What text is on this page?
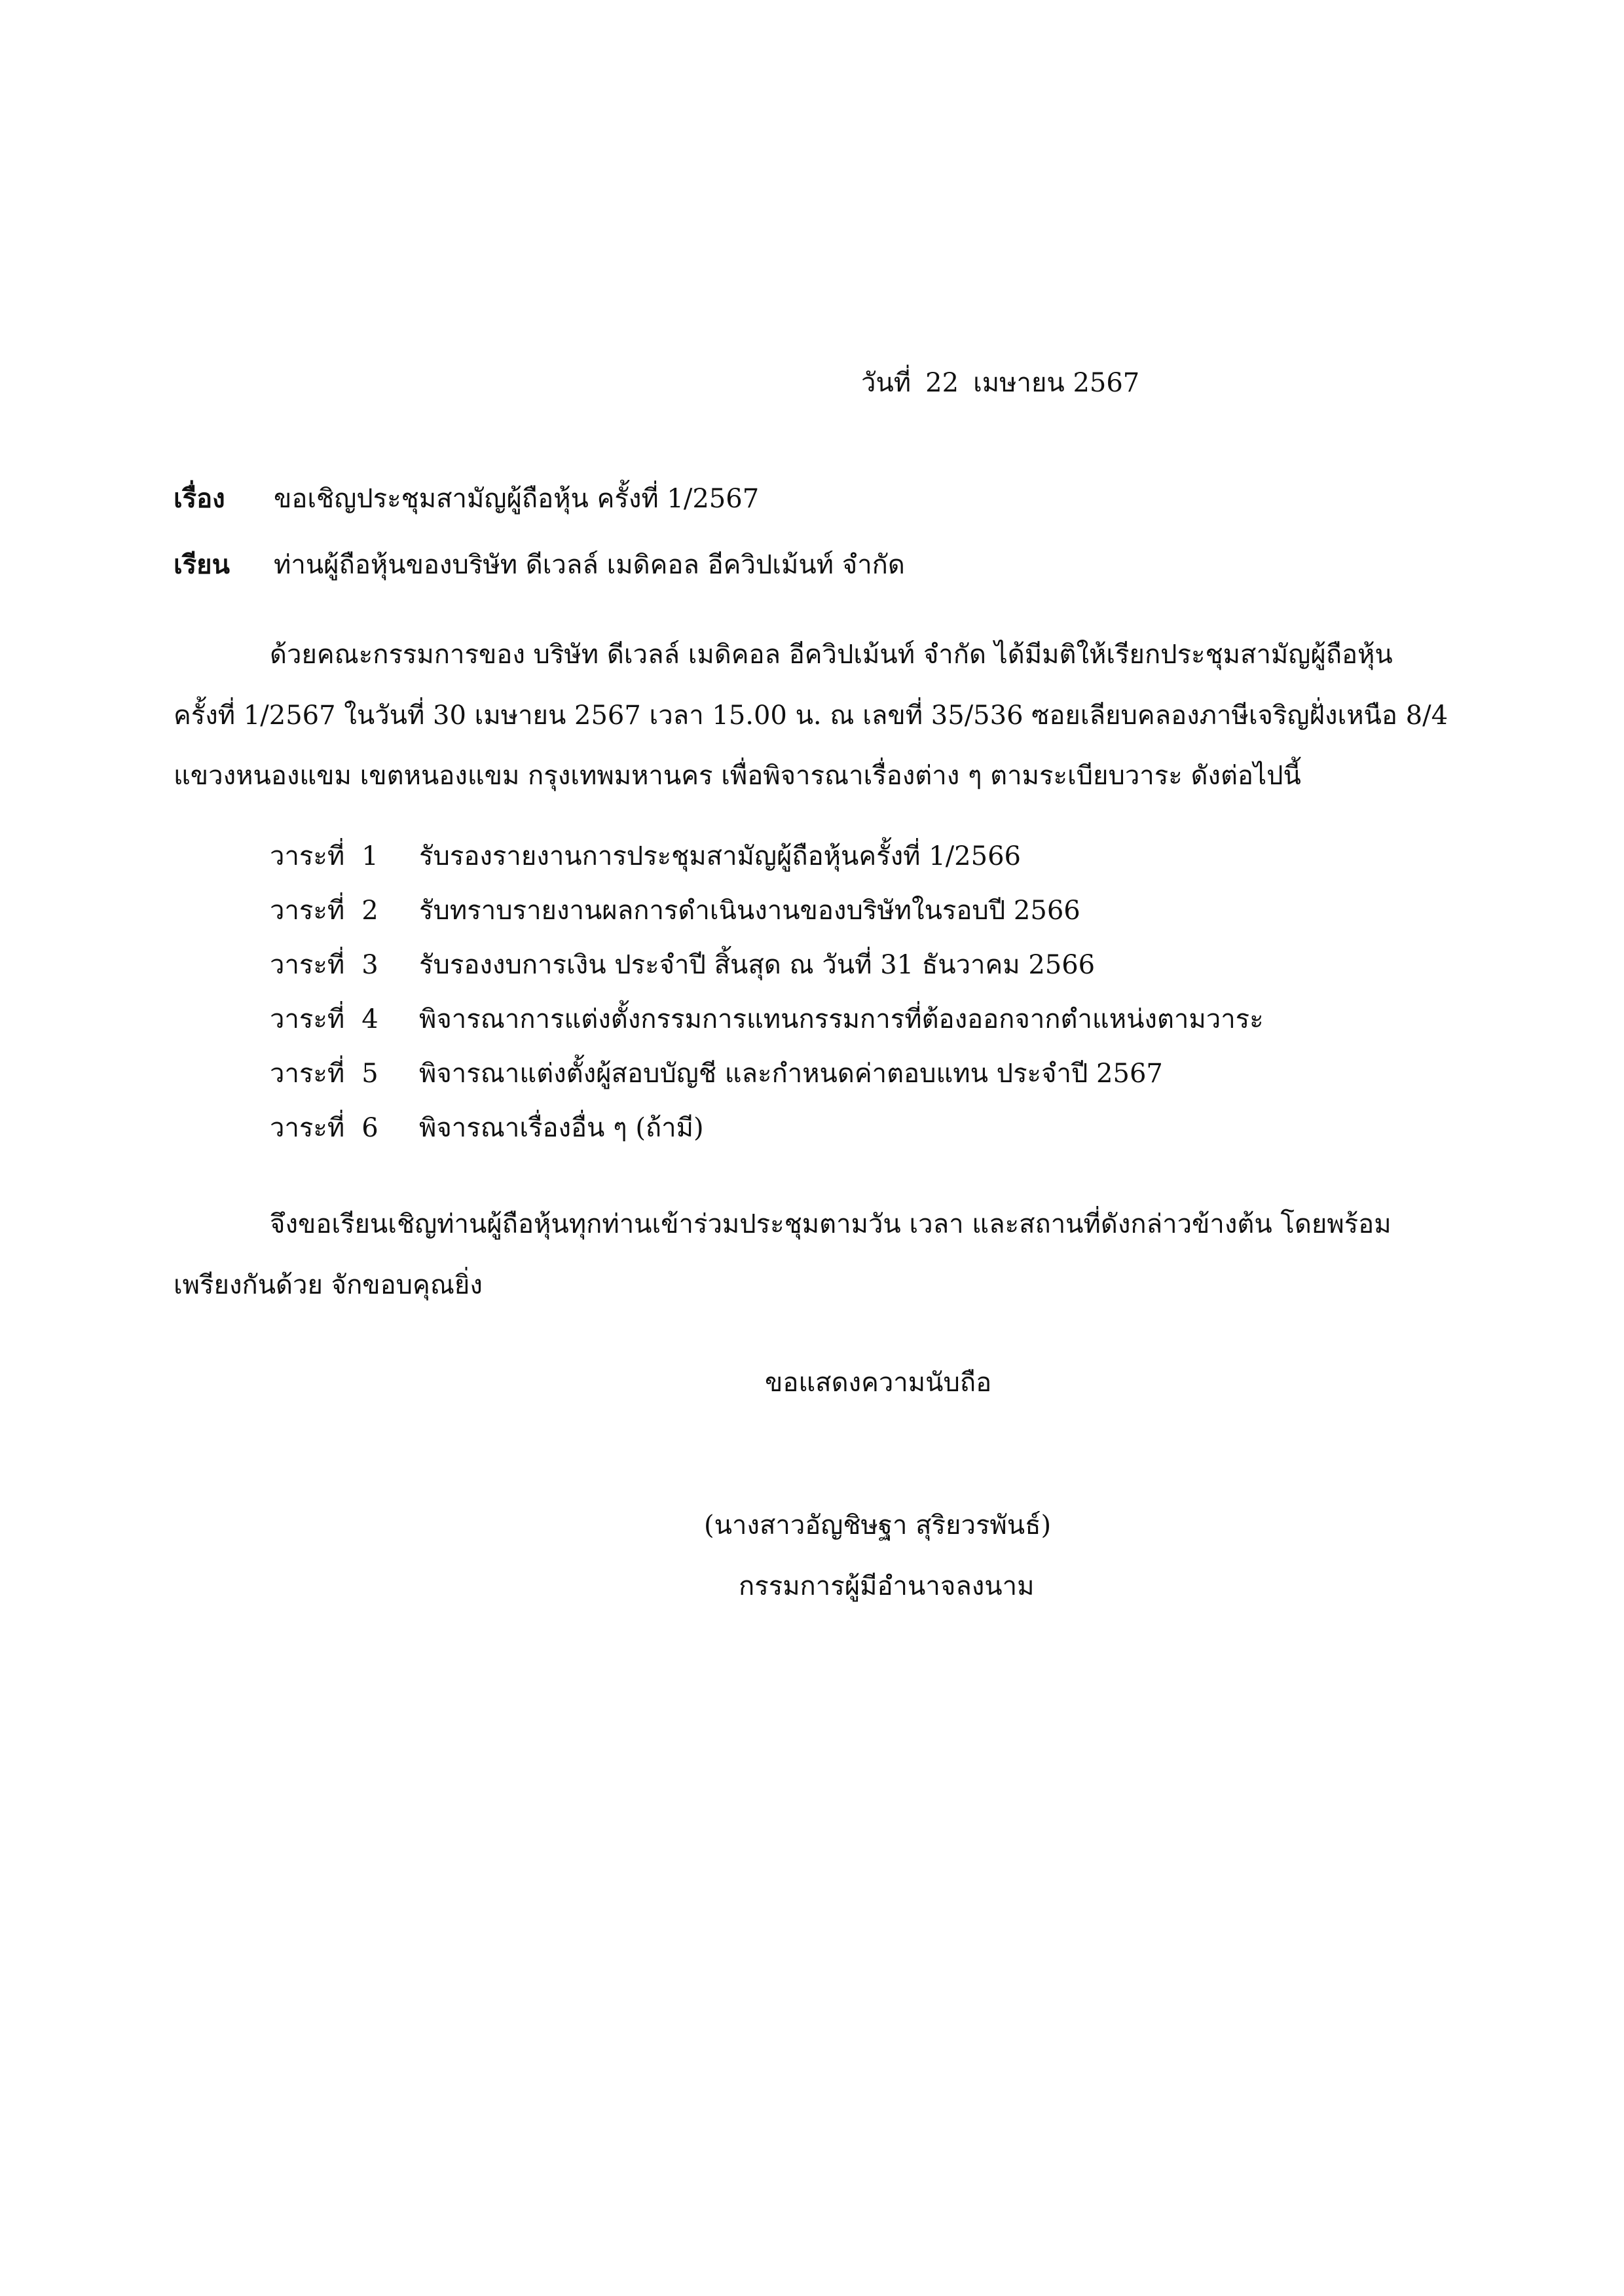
วันที่ 22 เมษายน 2567
เรื่อง ขอเชิญประชุมสามัญผู้ถือหุ้น ครั้งที่ 1/2567
เรียน ท่านผู้ถือหุ้นของบริษัท ดีเวลล์ เมดิคอล อีควิปเม้นท์ จำกัด
ด้วยคณะกรรมการของ บริษัท ดีเวลล์ เมดิคอล อีควิปเม้นท์ จำกัด ได้มีมติให้เรียกประชุมสามัญผู้ถือหุ้น
ครั้งที่ 1/2567 ในวันที่ 30 เมษายน 2567 เวลา 15.00 น. ณ เลขที่ 35/536 ซอยเลียบคลองภาษีเจริญฝั่งเหนือ 8/4
แขวงหนองแขม เขตหนองแขม กรุงเทพมหานคร เพื่อพิจารณาเรื่องต่าง ๆ ตามระเบียบวาระ ดังต่อไปนี้
วาระที่ 1	รับรองรายงานการประชุมสามัญผู้ถือหุ้นครั้งที่ 1/2566
วาระที่ 2	รับทราบรายงานผลการดำเนินงานของบริษัทในรอบปี 2566
วาระที่ 3	รับรองงบการเงิน ประจำปี สิ้นสุด ณ วันที่ 31 ธันวาคม 2566
วาระที่ 4	พิจารณาการแต่งตั้งกรรมการแทนกรรมการที่ต้องออกจากตำแหน่งตามวาระ
วาระที่ 5	พิจารณาแต่งตั้งผู้สอบบัญชี และกำหนดค่าตอบแทน ประจำปี 2567
วาระที่ 6	พิจารณาเรื่องอื่น ๆ (ถ้ามี)
จึงขอเรียนเชิญท่านผู้ถือหุ้นทุกท่านเข้าร่วมประชุมตามวัน เวลา และสถานที่ดังกล่าวข้างต้น โดยพร้อม
เพรียงกันด้วย จักขอบคุณยิ่ง
ขอแสดงความนับถือ
(นางสาวอัญชิษฐา สุริยวรพันธ์)
กรรมการผู้มีอำนาจลงนาม
